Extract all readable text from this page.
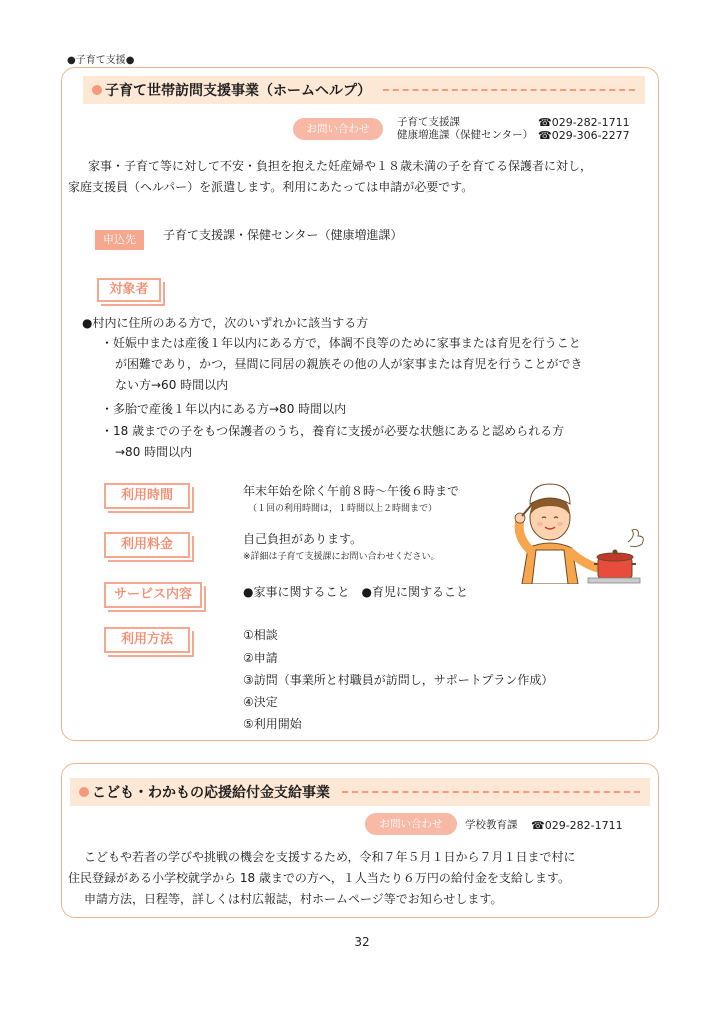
●子育て支援●
子育て世帯訪問支援事業（ホームヘルプ）
お問い合わせ
子育て支援課	☎029-282-1711
健康増進課（保健センター） ☎029-306-2277
家事・子育て等に対して不安・負担を抱えた妊産婦や１８歳未満の子を育てる保護者に対し，
家庭支援員（ヘルパー）を派遣します。利用にあたっては申請が必要です。
申込先	子育て支援課・保健センター（健康増進課）
対象者
●村内に住所のある方で，次のいずれかに該当する方
・妊娠中または産後１年以内にある方で，体調不良等のために家事または育児を行うこと
が困難であり，かつ，昼間に同居の親族その他の人が家事または育児を行うことができ
ない方→60 時間以内
・多胎で産後１年以内にある方→80 時間以内
・18 歳までの子をもつ保護者のうち，養育に支援が必要な状態にあると認められる方
→80 時間以内
利用時間	年末年始を除く午前８時～午後６時まで
（１回の利用時間は，１時間以上２時間まで）
利用料金	自己負担があります。
※詳細は子育て支援課にお問い合わせください。
サービス内容	●家事に関すること　●育児に関すること
利用方法	①相談
②申請
③訪問（事業所と村職員が訪問し，サポートプラン作成）
④決定
⑤利用開始
こども・わかもの応援給付金支給事業
お問い合わせ	学校教育課 ☎029-282-1711
こどもや若者の学びや挑戦の機会を支援するため，令和７年５月１日から７月１日まで村に
住民登録がある小学校就学から 18 歳までの方へ，１人当たり６万円の給付金を支給します。
申請方法，日程等，詳しくは村広報誌，村ホームページ等でお知らせします。
32
